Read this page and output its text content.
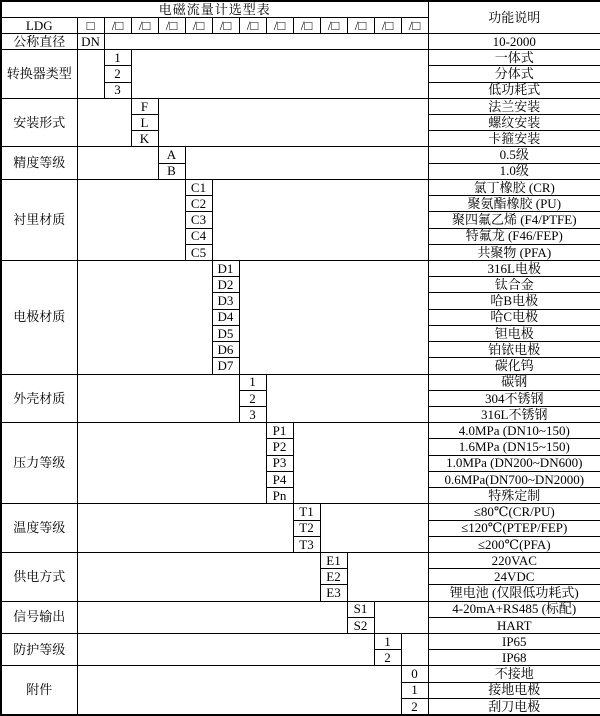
电磁流量计选型表														功能说明
LDG	□	/□	/□	/□	/□	/□	/□	/□	/□	/□	/□	/□	/□	
公称直径	DN													10-2000
转换器类型		1												一体式
		2												分体式
		3												低功耗式
安装形式			F											法兰安装
			L											螺纹安装
			K											卡箍安装
精度等级				A										0.5级
				B										1.0级
衬里材质					C1									氯丁橡胶 (CR)
					C2									聚氨酯橡胶 (PU)
					C3									聚四氟乙烯 (F4/PTFE)
					C4									特氟龙 (F46/FEP)
					C5									共聚物 (PFA)
电极材质						D1								316L电极
						D2								钛合金
						D3								哈B电极
						D4								哈C电极
						D5								钽电极
						D6								铂铱电极
						D7								碳化钨
外壳材质							1							碳钢
							2							304不锈钢
							3							316L不锈钢
压力等级								P1						4.0MPa (DN10~150)
								P2						1.6MPa (DN15~150)
								P3						1.0MPa (DN200~DN600)
								P4						0.6MPa(DN700~DN2000)
								Pn						特殊定制
温度等级									T1					≤80℃(CR/PU)
									T2					≤120℃(PTEP/FEP)
									T3					≤200℃(PFA)
供电方式										E1				220VAC
										E2				24VDC
										E3				锂电池 (仅限低功耗式)
信号输出											S1			4-20mA+RS485 (标配)
											S2			HART
防护等级												1		IP65
												2		IP68
附件													0	不接地
													1	接地电极
													2	刮刀电极
